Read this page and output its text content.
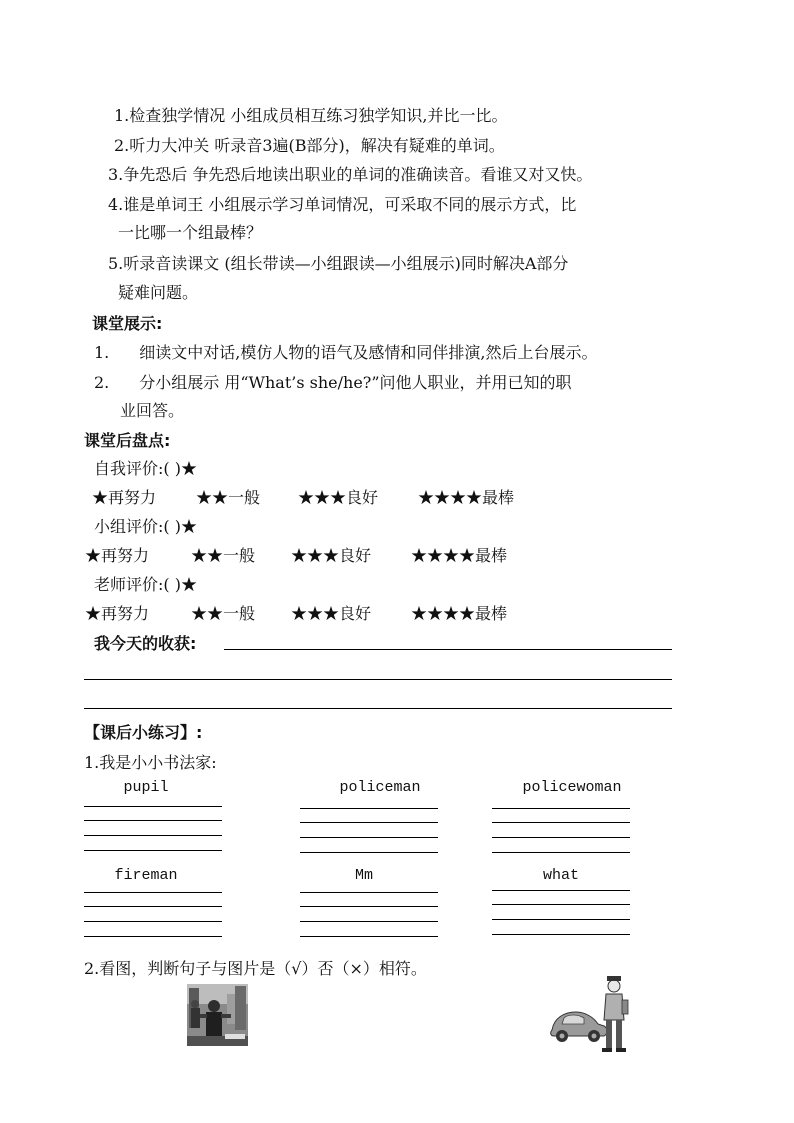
1.检查独学情况 小组成员相互练习独学知识,并比一比。
2.听力大冲关 听录音3遍(B部分)，解决有疑难的单词。
3.争先恐后 争先恐后地读出职业的单词的准确读音。看谁又对又快。
4.谁是单词王 小组展示学习单词情况，可采取不同的展示方式，比
一比哪一个组最棒？
5.听录音读课文 (组长带读—小组跟读—小组展示)同时解决A部分
疑难问题。
课堂展示:
1. 细读文中对话,模仿人物的语气及感情和同伴排演,然后上台展示。
2. 分小组展示 用“What’s she/he?”问他人职业，并用已知的职
业回答。
课堂后盘点:
自我评价:( )★
★再努力 ★★一般 ★★★良好 ★★★★最棒
小组评价:( )★
★再努力	★★一般 ★★★良好 ★★★★最棒
老师评价:( )★
★再努力	★★一般 ★★★良好 ★★★★最棒
我今天的收获:
【课后小练习】:
1.我是小小书法家:
pupil	policeman	policewoman
fireman	Mm	what
2.看图，判断句子与图片是（√）否（×）相符。
